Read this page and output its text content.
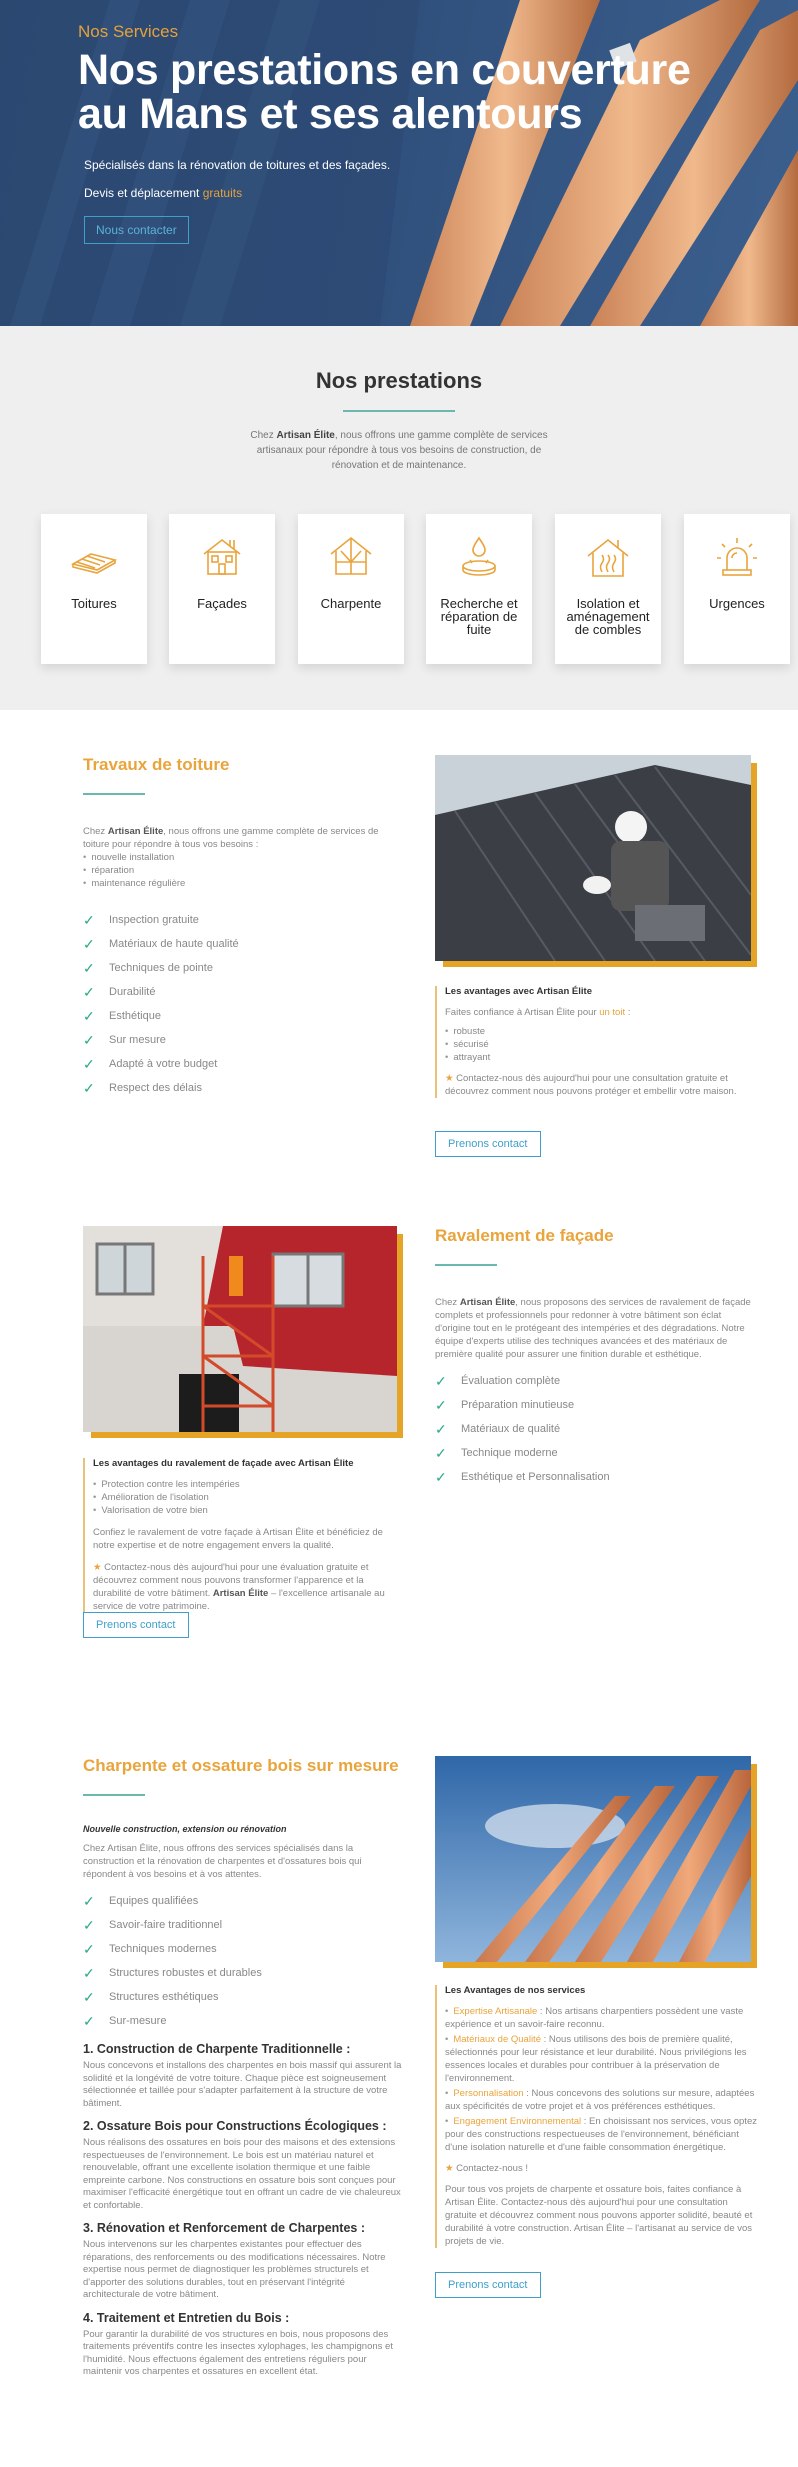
Nos Services
Nos prestations en couverture au Mans et ses alentours
Spécialisés dans la rénovation de toitures et des façades.
Devis et déplacement gratuits
Nous contacter
Nos prestations

Chez Artisan Élite, nous offrons une gamme complète de services artisanaux pour répondre à tous vos besoins de construction, de rénovation et de maintenance.

Toitures	Façades	Charpente	Recherche et réparation de fuite
Isolation et aménagement de combles
Urgences
Travaux de toiture

Chez Artisan Élite, nous offrons une gamme complète de services de toiture pour répondre à tous vos besoins :

• nouvelle installation
• réparation
• maintenance régulière
✓	Inspection gratuite
✓	Matériaux de haute qualité
✓	Techniques de pointe
✓	Durabilité
✓	Esthétique
✓	Sur mesure
✓	Adapté à votre budget
✓	Respect des délais
Les avantages avec Artisan Élite

Faites confiance à Artisan Élite pour un toit :

• robuste
• sécurisé
• attrayant

★ Contactez-nous dès aujourd'hui pour une consultation gratuite et découvrez comment nous pouvons protéger et embellir votre maison.

Prenons contact
Les avantages du ravalement de façade avec Artisan Élite
• Protection contre les intempéries
• Amélioration de l'isolation
• Valorisation de votre bien

Confiez le ravalement de votre façade à Artisan Élite et bénéficiez de notre expertise et de notre engagement envers la qualité.

★ Contactez-nous dès aujourd'hui pour une évaluation gratuite et découvrez comment nous pouvons transformer l'apparence et la durabilité de votre bâtiment. Artisan Élite – l'excellence artisanale au service de votre patrimoine.

Prenons contact
Ravalement de façade

Chez Artisan Élite, nous proposons des services de ravalement de façade complets et professionnels pour redonner à votre bâtiment son éclat d'origine tout en le protégeant des intempéries et des dégradations. Notre équipe d'experts utilise des techniques avancées et des matériaux de première qualité pour assurer une finition durable et esthétique.

✓	Évaluation complète
✓	Préparation minutieuse
✓	Matériaux de qualité
✓	Technique moderne
✓	Esthétique et Personnalisation
Charpente et ossature bois sur mesure

Nouvelle construction, extension ou rénovation

Chez Artisan Élite, nous offrons des services spécialisés dans la construction et la rénovation de charpentes et d'ossatures bois qui répondent à vos besoins et à vos attentes.

✓	Equipes qualifiées
✓	Savoir-faire traditionnel
✓	Techniques modernes
✓	Structures robustes et durables
✓	Structures esthétiques
✓	Sur-mesure
1. Construction de Charpente Traditionnelle :
Nous concevons et installons des charpentes en bois massif qui assurent la solidité et la longévité de votre toiture. Chaque pièce est soigneusement sélectionnée et taillée pour s'adapter parfaitement à la structure de votre bâtiment.
2. Ossature Bois pour Constructions Écologiques :
Nous réalisons des ossatures en bois pour des maisons et des extensions respectueuses de l'environnement. Le bois est un matériau naturel et renouvelable, offrant une excellente isolation thermique et une faible empreinte carbone. Nos constructions en ossature bois sont conçues pour maximiser l'efficacité énergétique tout en offrant un cadre de vie chaleureux et confortable.
3. Rénovation et Renforcement de Charpentes :
Nous intervenons sur les charpentes existantes pour effectuer des réparations, des renforcements ou des modifications nécessaires. Notre expertise nous permet de diagnostiquer les problèmes structurels et d'apporter des solutions durables, tout en préservant l'intégrité architecturale de votre bâtiment.
4. Traitement et Entretien du Bois :
Pour garantir la durabilité de vos structures en bois, nous proposons des traitements préventifs contre les insectes xylophages, les champignons et l'humidité. Nous effectuons également des entretiens réguliers pour maintenir vos charpentes et ossatures en excellent état.
Les Avantages de nos services
• Expertise Artisanale : Nos artisans charpentiers possèdent une vaste expérience et un savoir-faire reconnu.
• Matériaux de Qualité : Nous utilisons des bois de première qualité, sélectionnés pour leur résistance et leur durabilité. Nous privilégions les essences locales et durables pour contribuer à la préservation de l'environnement.
• Personnalisation : Nous concevons des solutions sur mesure, adaptées aux spécificités de votre projet et à vos préférences esthétiques.
• Engagement Environnemental : En choisissant nos services, vous optez pour des constructions respectueuses de l'environnement, bénéficiant d'une isolation naturelle et d'une faible consommation énergétique.

★ Contactez-nous !

Pour tous vos projets de charpente et ossature bois, faites confiance à Artisan Élite. Contactez-nous dès aujourd'hui pour une consultation gratuite et découvrez comment nous pouvons apporter solidité, beauté et durabilité à votre construction. Artisan Élite – l'artisanat au service de vos projets de vie.

Prenons contact
